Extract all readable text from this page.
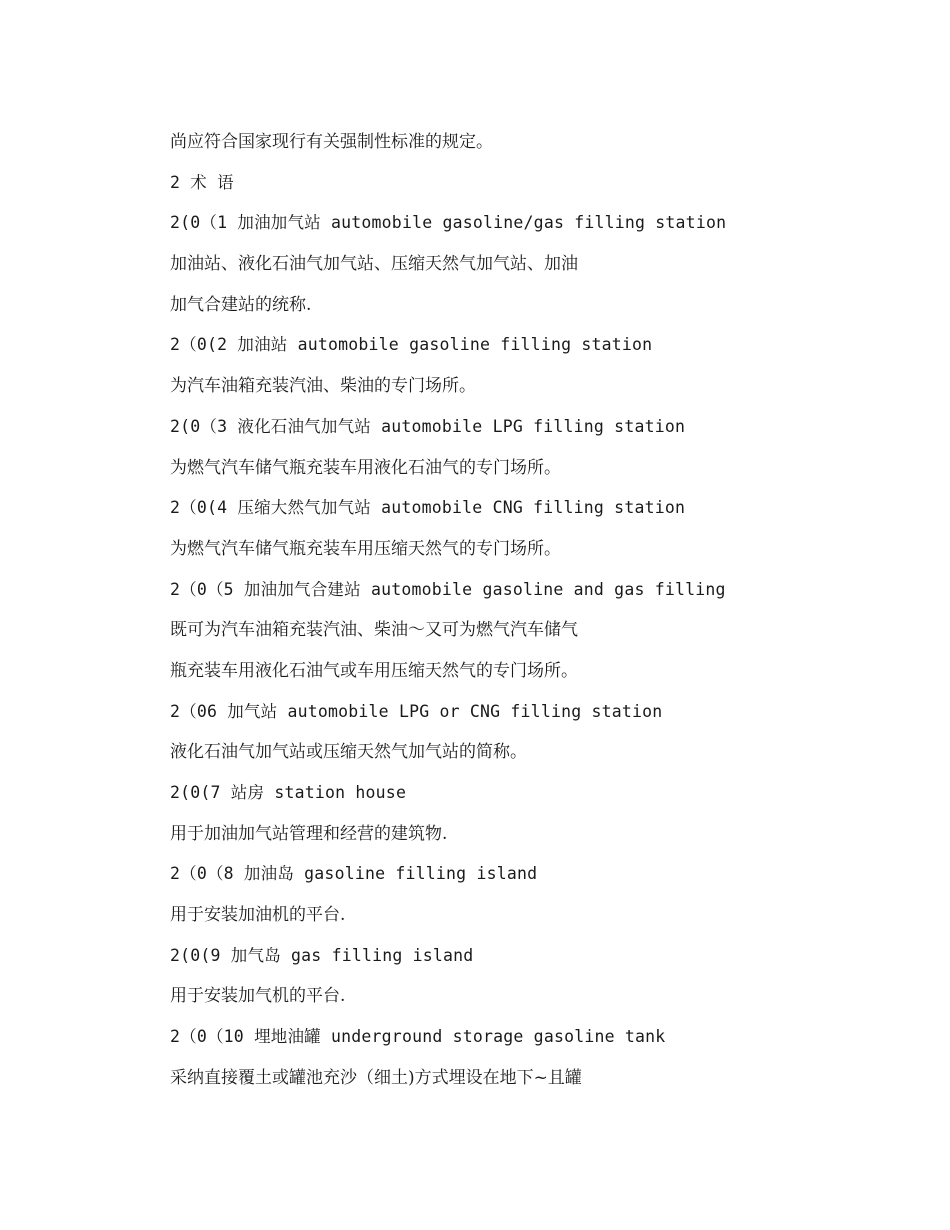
尚应符合国家现行有关强制性标准的规定。
2 术 语
2(0（1 加油加气站 automobile gasoline/gas filling station
加油站、液化石油气加气站、压缩天然气加气站、加油
加气合建站的统称.
2（0(2 加油站 automobile gasoline filling station
为汽车油箱充装汽油、柴油的专门场所。
2(0（3 液化石油气加气站 automobile LPG filling station
为燃气汽车储气瓶充装车用液化石油气的专门场所。
2（0(4 压缩大然气加气站 automobile CNG filling station
为燃气汽车储气瓶充装车用压缩天然气的专门场所。
2（0（5 加油加气合建站 automobile gasoline and gas filling
既可为汽车油箱充装汽油、柴油～又可为燃气汽车储气
瓶充装车用液化石油气或车用压缩天然气的专门场所。
2（06 加气站 automobile LPG or CNG filling station
液化石油气加气站或压缩天然气加气站的简称。
2(0(7 站房 station house
用于加油加气站管理和经营的建筑物.
2（0（8 加油岛 gasoline filling island
用于安装加油机的平台.
2(0(9 加气岛 gas filling island
用于安装加气机的平台.
2（0（10 埋地油罐 underground storage gasoline tank
采纳直接覆土或罐池充沙（细土)方式埋设在地下~且罐
